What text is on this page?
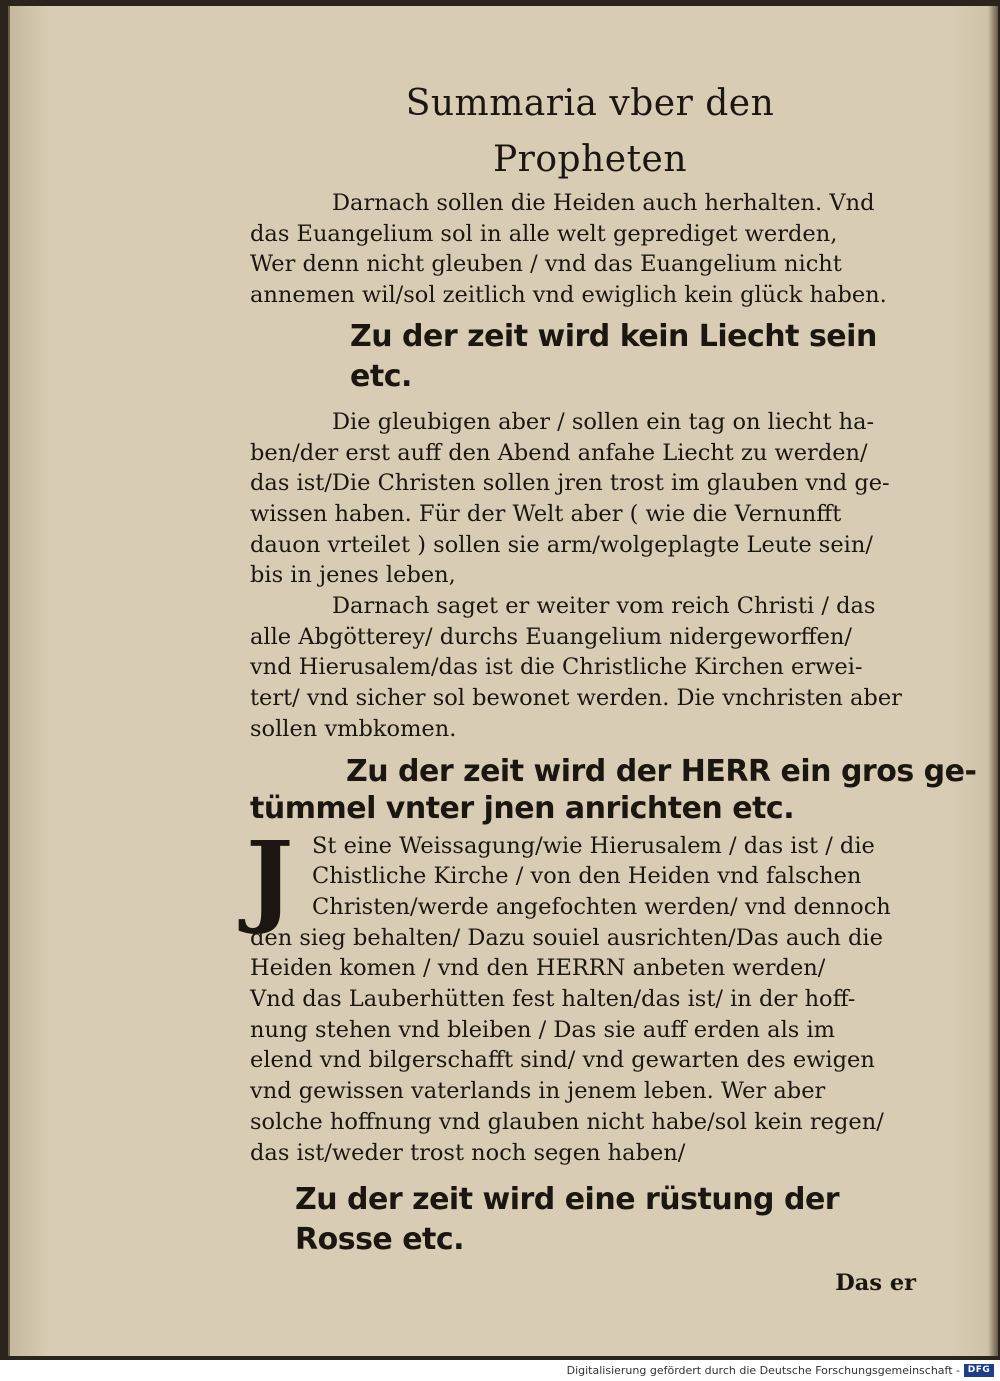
Summaria vber den Propheten

Darnach sollen die Heiden auch herhalten. Vnd
das Euangelium sol in alle welt geprediget werden,
Wer denn nicht gleuben / vnd das Euangelium nicht
annemen wil/sol zeitlich vnd ewiglich kein glück haben.

Zu der zeit wird kein Liecht sein etc.

Die gleubigen aber / sollen ein tag on liecht ha-
ben/der erst auff den Abend anfahe Liecht zu werden/
das ist/Die Christen sollen jren trost im glauben vnd ge-
wissen haben. Für der Welt aber ( wie die Vernunfft
dauon vrteilet ) sollen sie arm/wolgeplagte Leute sein/
bis in jenes leben,

Darnach saget er weiter vom reich Christi / das
alle Abgötterey/ durchs Euangelium nidergeworffen/
vnd Hierusalem/das ist die Christliche Kirchen erwei-
tert/ vnd sicher sol bewonet werden. Die vnchristen aber
sollen vmbkomen.

Zu der zeit wird der HERR ein gros ge-
tümmel vnter jnen anrichten etc.
J St eine Weissagung/wie Hierusalem / das ist / die
Chistliche Kirche / von den Heiden vnd falschen
Christen/werde angefochten werden/ vnd dennoch
den sieg behalten/ Dazu souiel ausrichten/Das auch die
Heiden komen / vnd den HERRN anbeten werden/
Vnd das Lauberhütten fest halten/das ist/ in der hoff-
nung stehen vnd bleiben / Das sie auff erden als im
elend vnd bilgerschafft sind/ vnd gewarten des ewigen
vnd gewissen vaterlands in jenem leben. Wer aber
solche hoffnung vnd glauben nicht habe/sol kein regen/
das ist/weder trost noch segen haben/

Zu der zeit wird eine rüstung der Rosse etc.
Das er
Digitalisierung gefördert durch die Deutsche Forschungsgemeinschaft - DFG
